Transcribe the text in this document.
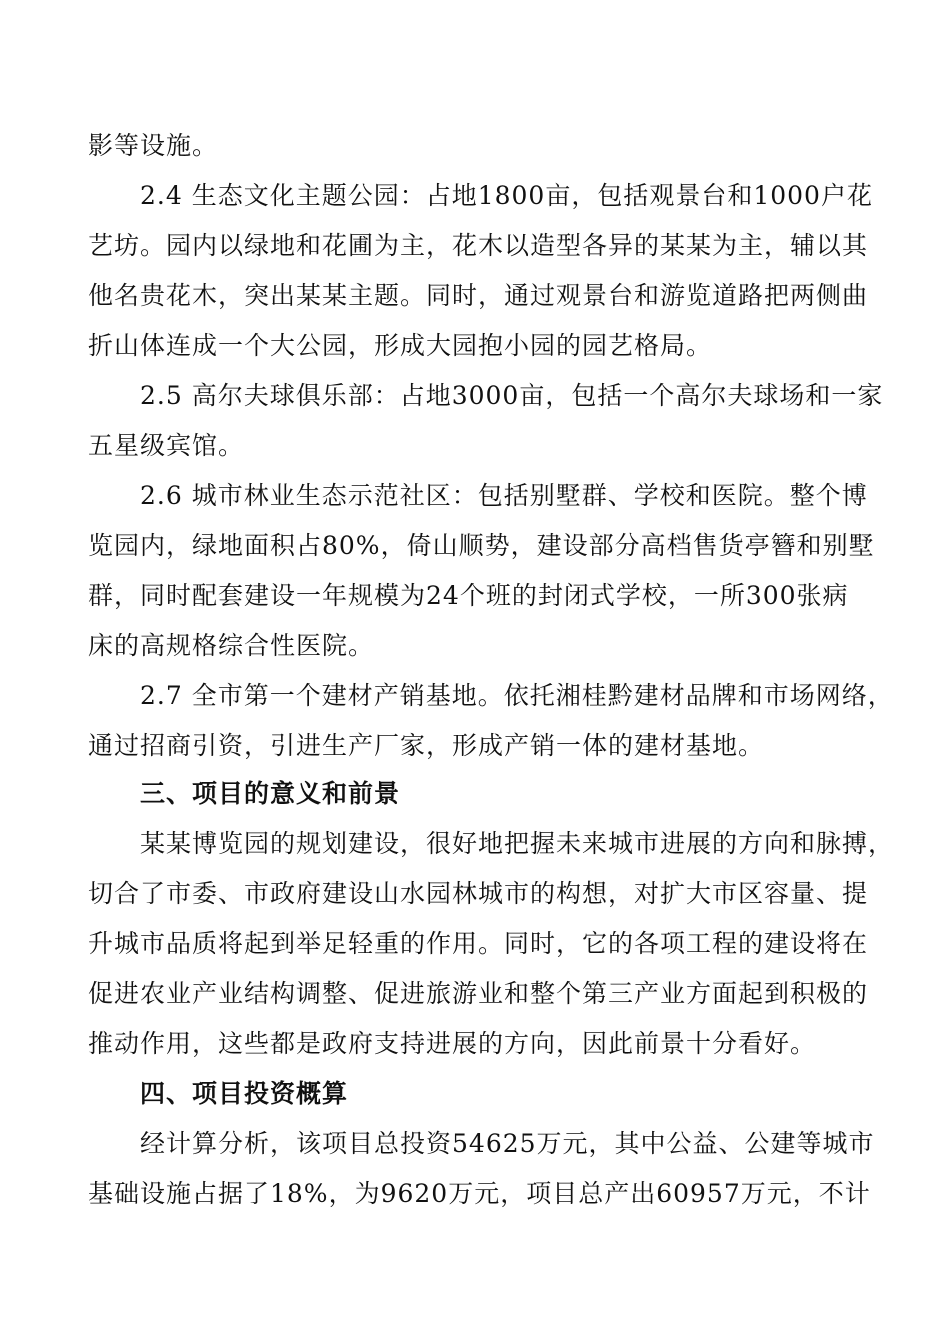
影等设施。
2.4 生态文化主题公园：占地1800亩，包括观景台和1000户花
艺坊。园内以绿地和花圃为主，花木以造型各异的某某为主，辅以其
他名贵花木，突出某某主题。同时，通过观景台和游览道路把两侧曲
折山体连成一个大公园，形成大园抱小园的园艺格局。
2.5 高尔夫球俱乐部：占地3000亩，包括一个高尔夫球场和一家
五星级宾馆。
2.6 城市林业生态示范社区：包括别墅群、学校和医院。整个博
览园内，绿地面积占80%，倚山顺势，建设部分高档售货亭簪和别墅
群，同时配套建设一年规模为24个班的封闭式学校，一所300张病
床的高规格综合性医院。
2.7 全市第一个建材产销基地。依托湘桂黔建材品牌和市场网络，
通过招商引资，引进生产厂家，形成产销一体的建材基地。
三、项目的意义和前景
某某博览园的规划建设，很好地把握未来城市进展的方向和脉搏，
切合了市委、市政府建设山水园林城市的构想，对扩大市区容量、提
升城市品质将起到举足轻重的作用。同时，它的各项工程的建设将在
促进农业产业结构调整、促进旅游业和整个第三产业方面起到积极的
推动作用，这些都是政府支持进展的方向，因此前景十分看好。
四、项目投资概算
经计算分析，该项目总投资54625万元，其中公益、公建等城市
基础设施占据了18%，为9620万元，项目总产出60957万元，不计
